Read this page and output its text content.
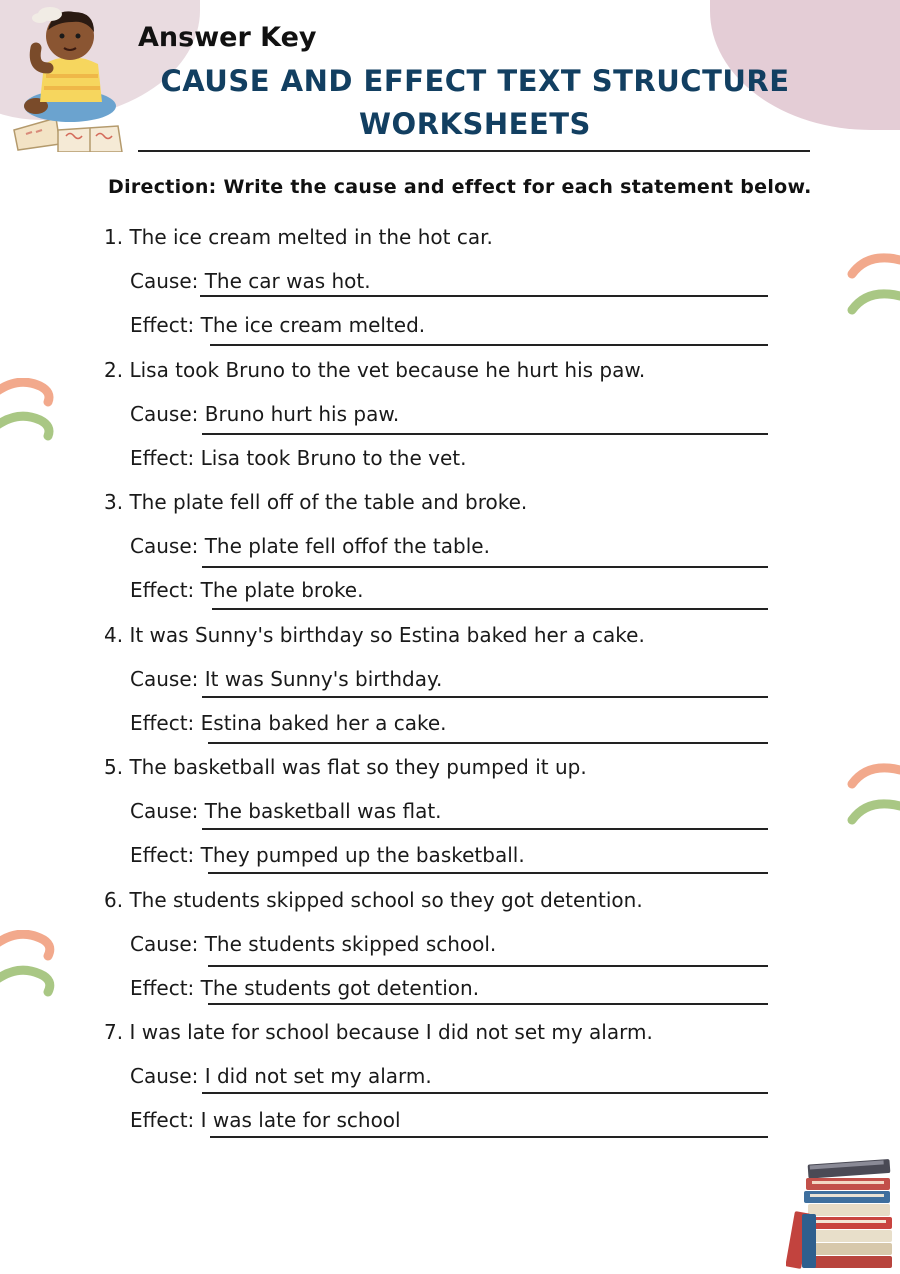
Answer Key
CAUSE AND EFFECT TEXT STRUCTURE
WORKSHEETS

Direction: Write the cause and effect for each statement below.

1. The ice cream melted in the hot car.
Cause: The car was hot.
Effect: The ice cream melted.
2. Lisa took Bruno to the vet because he hurt his paw.
Cause: Bruno hurt his paw.
Effect: Lisa took Bruno to the vet.
3. The plate fell off of the table and broke.
Cause: The plate fell offof the table.
Effect: The plate broke.
4. It was Sunny's birthday so Estina baked her a cake.
Cause: It was Sunny's birthday.
Effect: Estina baked her a cake.
5. The basketball was flat so they pumped it up.
Cause: The basketball was flat.
Effect: They pumped up the basketball.
6. The students skipped school so they got detention.
Cause: The students skipped school.
Effect: The students got detention.
7. I was late for school because I did not set my alarm.
Cause: I did not set my alarm.
Effect: I was late for school
